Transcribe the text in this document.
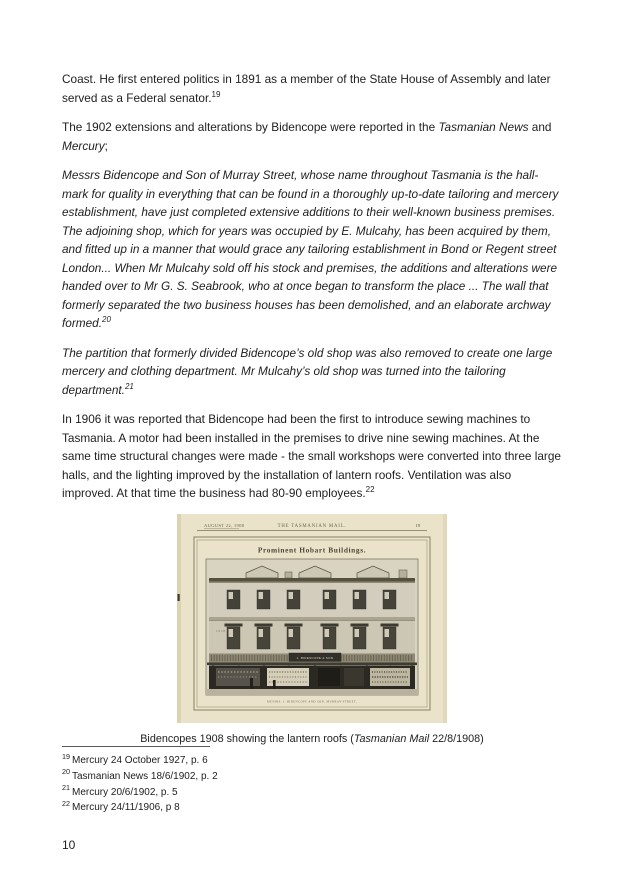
Coast. He first entered politics in 1891 as a member of the State House of Assembly and later served as a Federal senator.$^{19}$

The 1902 extensions and alterations by Bidencope were reported in the Tasmanian News and Mercury;

Messrs Bidencope and Son of Murray Street, whose name throughout Tasmania is the hall-mark for quality in everything that can be found in a thoroughly up-to-date tailoring and mercery establishment, have just completed extensive additions to their well-known business premises. The adjoining shop, which for years was occupied by E. Mulcahy, has been acquired by them, and fitted up in a manner that would grace any tailoring establishment in Bond or Regent street London... When Mr Mulcahy sold off his stock and premises, the additions and alterations were handed over to Mr G. S. Seabrook, who at once began to transform the place ... The wall that formerly separated the two business houses has been demolished, and an elaborate archway formed.$^{20}$

The partition that formerly divided Bidencope’s old shop was also removed to create one large mercery and clothing department. Mr Mulcahy’s old shop was turned into the tailoring department.$^{21}$

In 1906 it was reported that Bidencope had been the first to introduce sewing machines to Tasmania. A motor had been installed in the premises to drive nine sewing machines. At the same time structural changes were made - the small workshops were converted into three large halls, and the lighting improved by the installation of lantern roofs. Ventilation was also improved. At that time the business had 80-90 employees.$^{22}$

AUGUST 22, 1908	THE TASMANIAN MAIL.	19
Prominent Hobart Buildings.
1848
J. BIDENCOPE & SON
MESSRS. J. BIDENCOPE AND SON, MURRAY-STREET.
Bidencopes 1908 showing the lantern roofs (Tasmanian Mail 22/8/1908)
$^{19}$ Mercury 24 October 1927, p. 6
$^{20}$ Tasmanian News 18/6/1902, p. 2
$^{21}$ Mercury 20/6/1902, p. 5
$^{22}$ Mercury 24/11/1906, p 8
10
